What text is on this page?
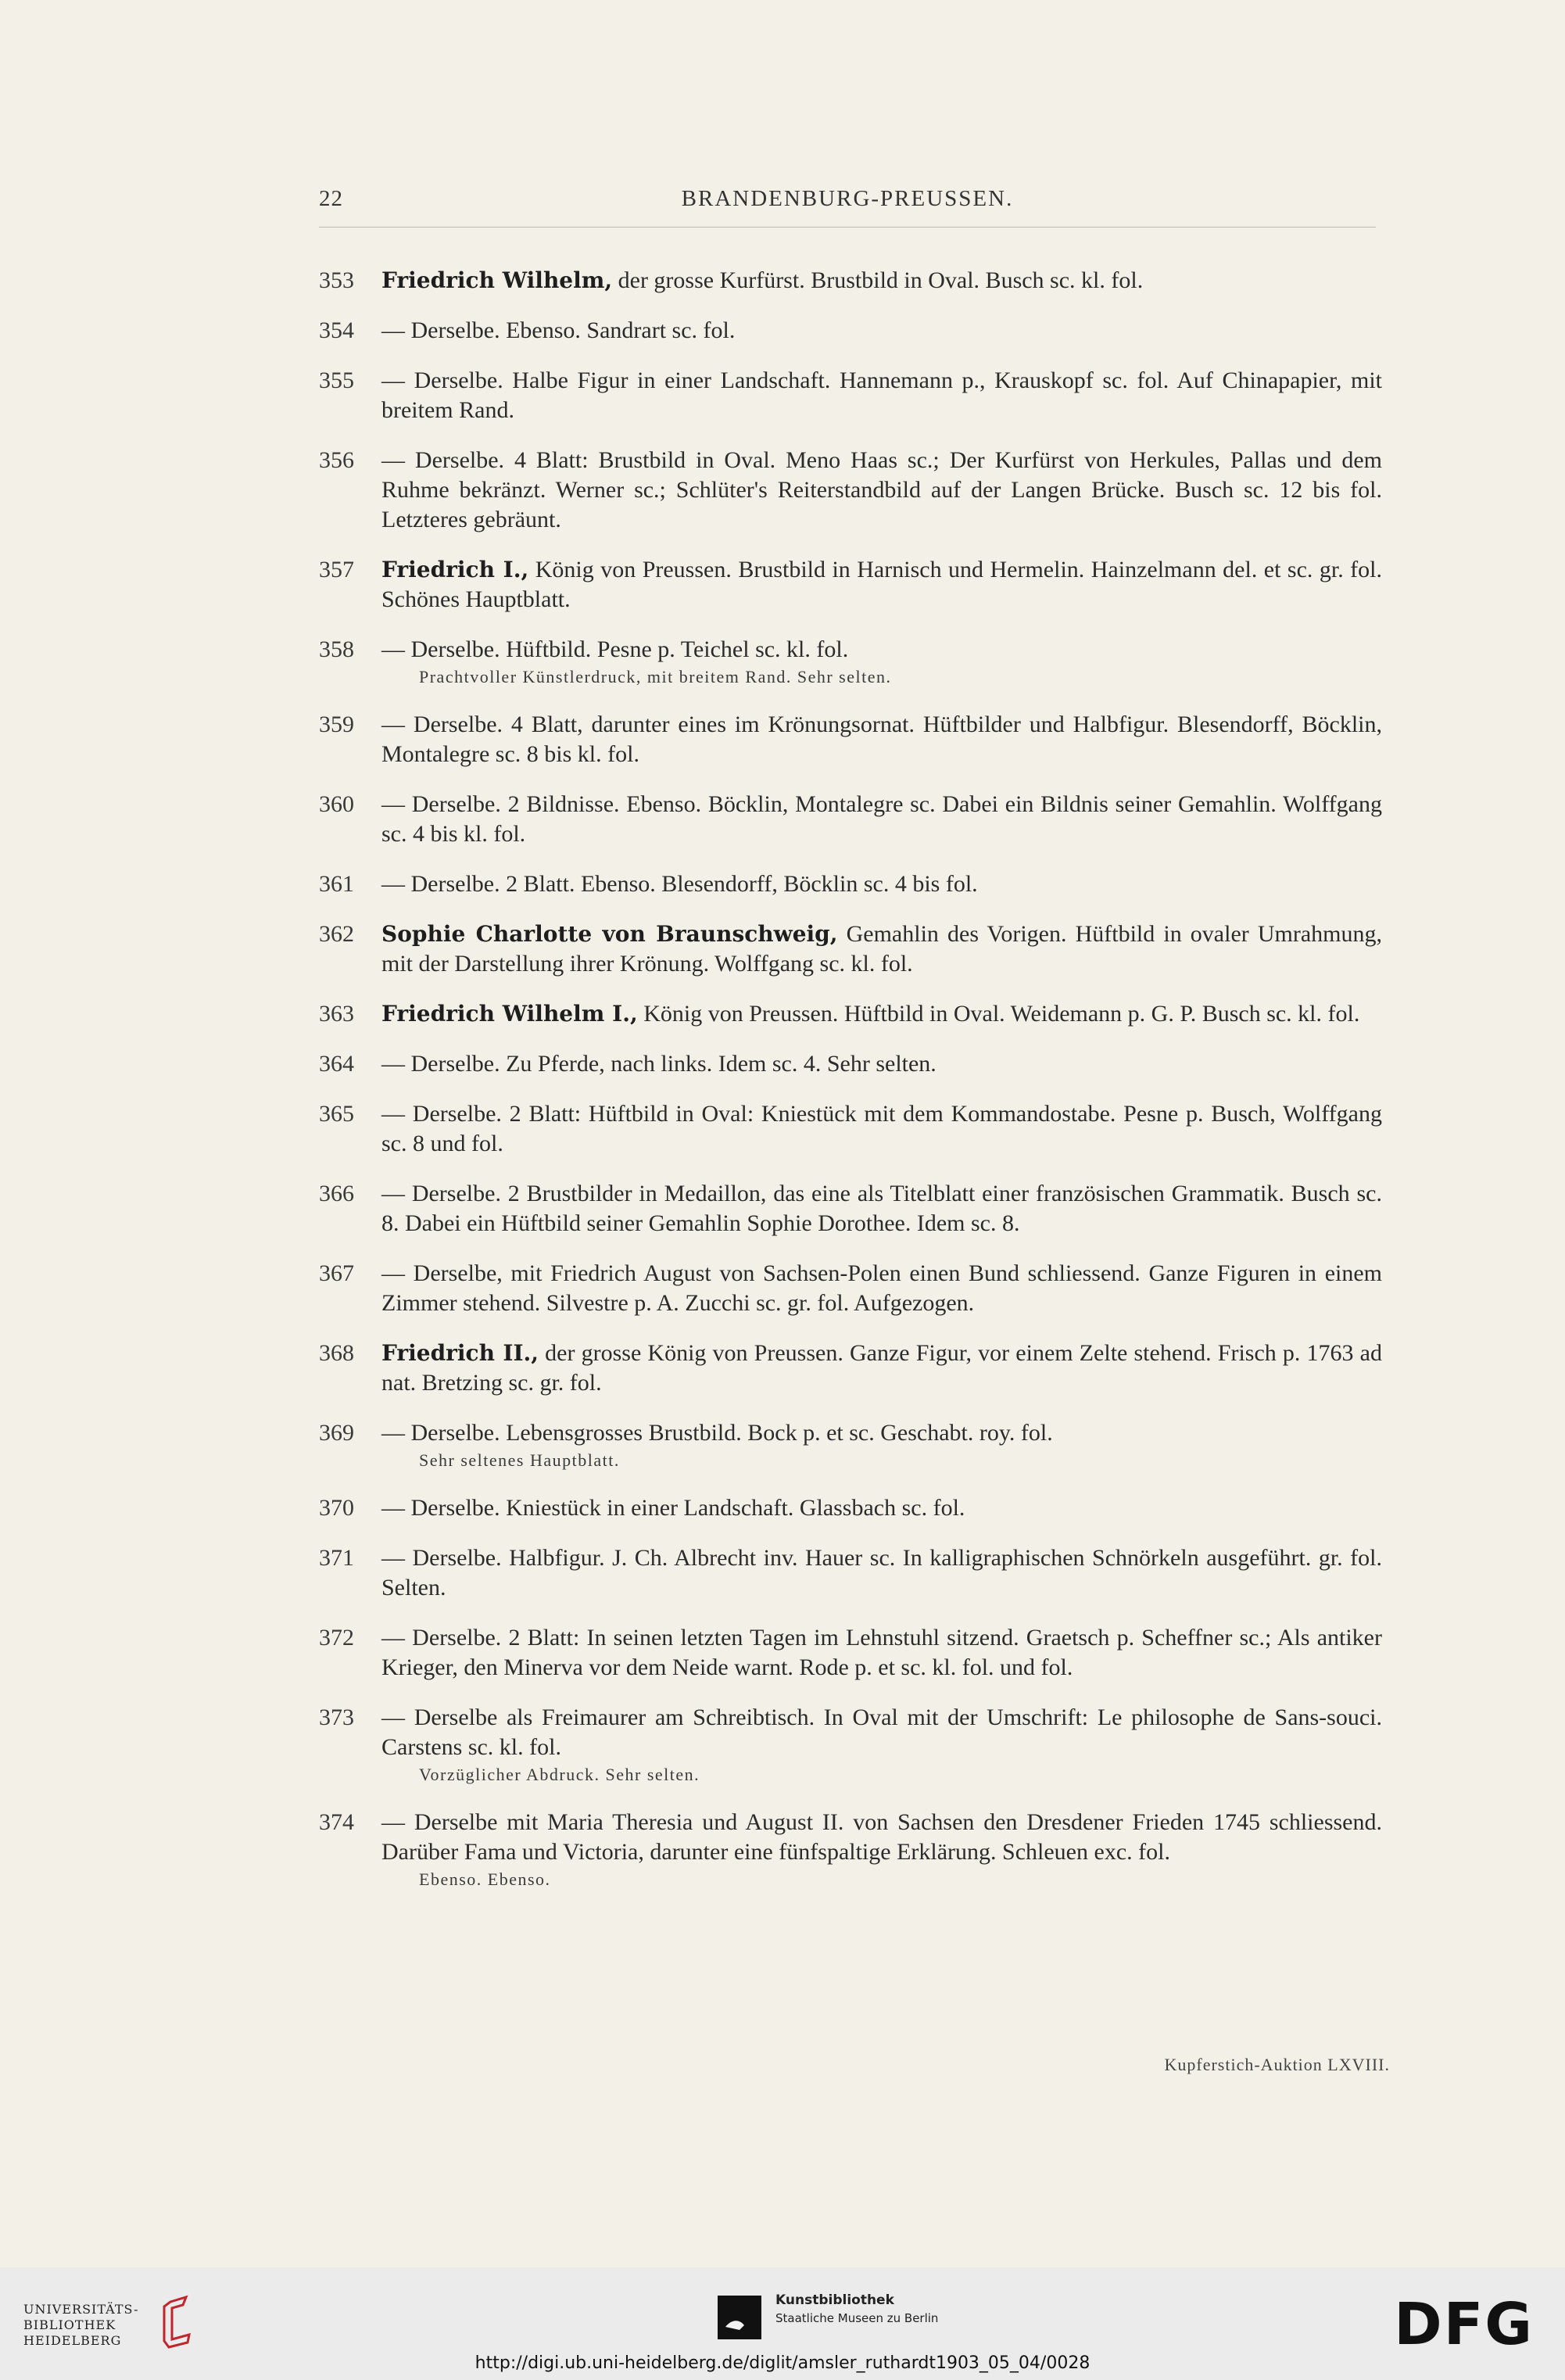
22	BRANDENBURG-PREUSSEN.
353	Friedrich Wilhelm, der grosse Kurfürst. Brustbild in Oval. Busch sc. kl. fol.
354	— Derselbe. Ebenso. Sandrart sc. fol.
355	— Derselbe. Halbe Figur in einer Landschaft. Hannemann p., Krauskopf sc. fol. Auf Chinapapier, mit breitem Rand.
356	— Derselbe. 4 Blatt: Brustbild in Oval. Meno Haas sc.; Der Kurfürst von Herkules, Pallas und dem Ruhme bekränzt. Werner sc.; Schlüter's Reiterstandbild auf der Langen Brücke. Busch sc. 12 bis fol. Letzteres gebräunt.
357	Friedrich I., König von Preussen. Brustbild in Harnisch und Hermelin. Hainzelmann del. et sc. gr. fol. Schönes Hauptblatt.
358	— Derselbe. Hüftbild. Pesne p. Teichel sc. kl. fol.
Prachtvoller Künstlerdruck, mit breitem Rand. Sehr selten.
359	— Derselbe. 4 Blatt, darunter eines im Krönungsornat. Hüftbilder und Halbfigur. Blesendorff, Böcklin, Montalegre sc. 8 bis kl. fol.
360	— Derselbe. 2 Bildnisse. Ebenso. Böcklin, Montalegre sc. Dabei ein Bildnis seiner Gemahlin. Wolffgang sc. 4 bis kl. fol.
361	— Derselbe. 2 Blatt. Ebenso. Blesendorff, Böcklin sc. 4 bis fol.
362	Sophie Charlotte von Braunschweig, Gemahlin des Vorigen. Hüftbild in ovaler Umrahmung, mit der Darstellung ihrer Krönung. Wolffgang sc. kl. fol.
363	Friedrich Wilhelm I., König von Preussen. Hüftbild in Oval. Weidemann p. G. P. Busch sc. kl. fol.
364	— Derselbe. Zu Pferde, nach links. Idem sc. 4. Sehr selten.
365	— Derselbe. 2 Blatt: Hüftbild in Oval: Kniestück mit dem Kommandostabe. Pesne p. Busch, Wolffgang sc. 8 und fol.
366	— Derselbe. 2 Brustbilder in Medaillon, das eine als Titelblatt einer französischen Grammatik. Busch sc. 8. Dabei ein Hüftbild seiner Gemahlin Sophie Dorothee. Idem sc. 8.
367	— Derselbe, mit Friedrich August von Sachsen-Polen einen Bund schliessend. Ganze Figuren in einem Zimmer stehend. Silvestre p. A. Zucchi sc. gr. fol. Aufgezogen.
368	Friedrich II., der grosse König von Preussen. Ganze Figur, vor einem Zelte stehend. Frisch p. 1763 ad nat. Bretzing sc. gr. fol.
369	— Derselbe. Lebensgrosses Brustbild. Bock p. et sc. Geschabt. roy. fol.
Sehr seltenes Hauptblatt.
370	— Derselbe. Kniestück in einer Landschaft. Glassbach sc. fol.
371	— Derselbe. Halbfigur. J. Ch. Albrecht inv. Hauer sc. In kalligraphischen Schnörkeln ausgeführt. gr. fol. Selten.
372	— Derselbe. 2 Blatt: In seinen letzten Tagen im Lehnstuhl sitzend. Graetsch p. Scheffner sc.; Als antiker Krieger, den Minerva vor dem Neide warnt. Rode p. et sc. kl. fol. und fol.
373	— Derselbe als Freimaurer am Schreibtisch. In Oval mit der Umschrift: Le philosophe de Sans-souci. Carstens sc. kl. fol.
Vorzüglicher Abdruck. Sehr selten.
374	— Derselbe mit Maria Theresia und August II. von Sachsen den Dresdener Frieden 1745 schliessend. Darüber Fama und Victoria, darunter eine fünfspaltige Erklärung. Schleuen exc. fol.
Ebenso. Ebenso.
Kupferstich-Auktion LXVIII.
UNIVERSITÄTS-
BIBLIOTHEK
HEIDELBERG
Kunstbibliothek
Staatliche Museen zu Berlin	DFG
http://digi.ub.uni-heidelberg.de/diglit/amsler_ruthardt1903_05_04/0028
